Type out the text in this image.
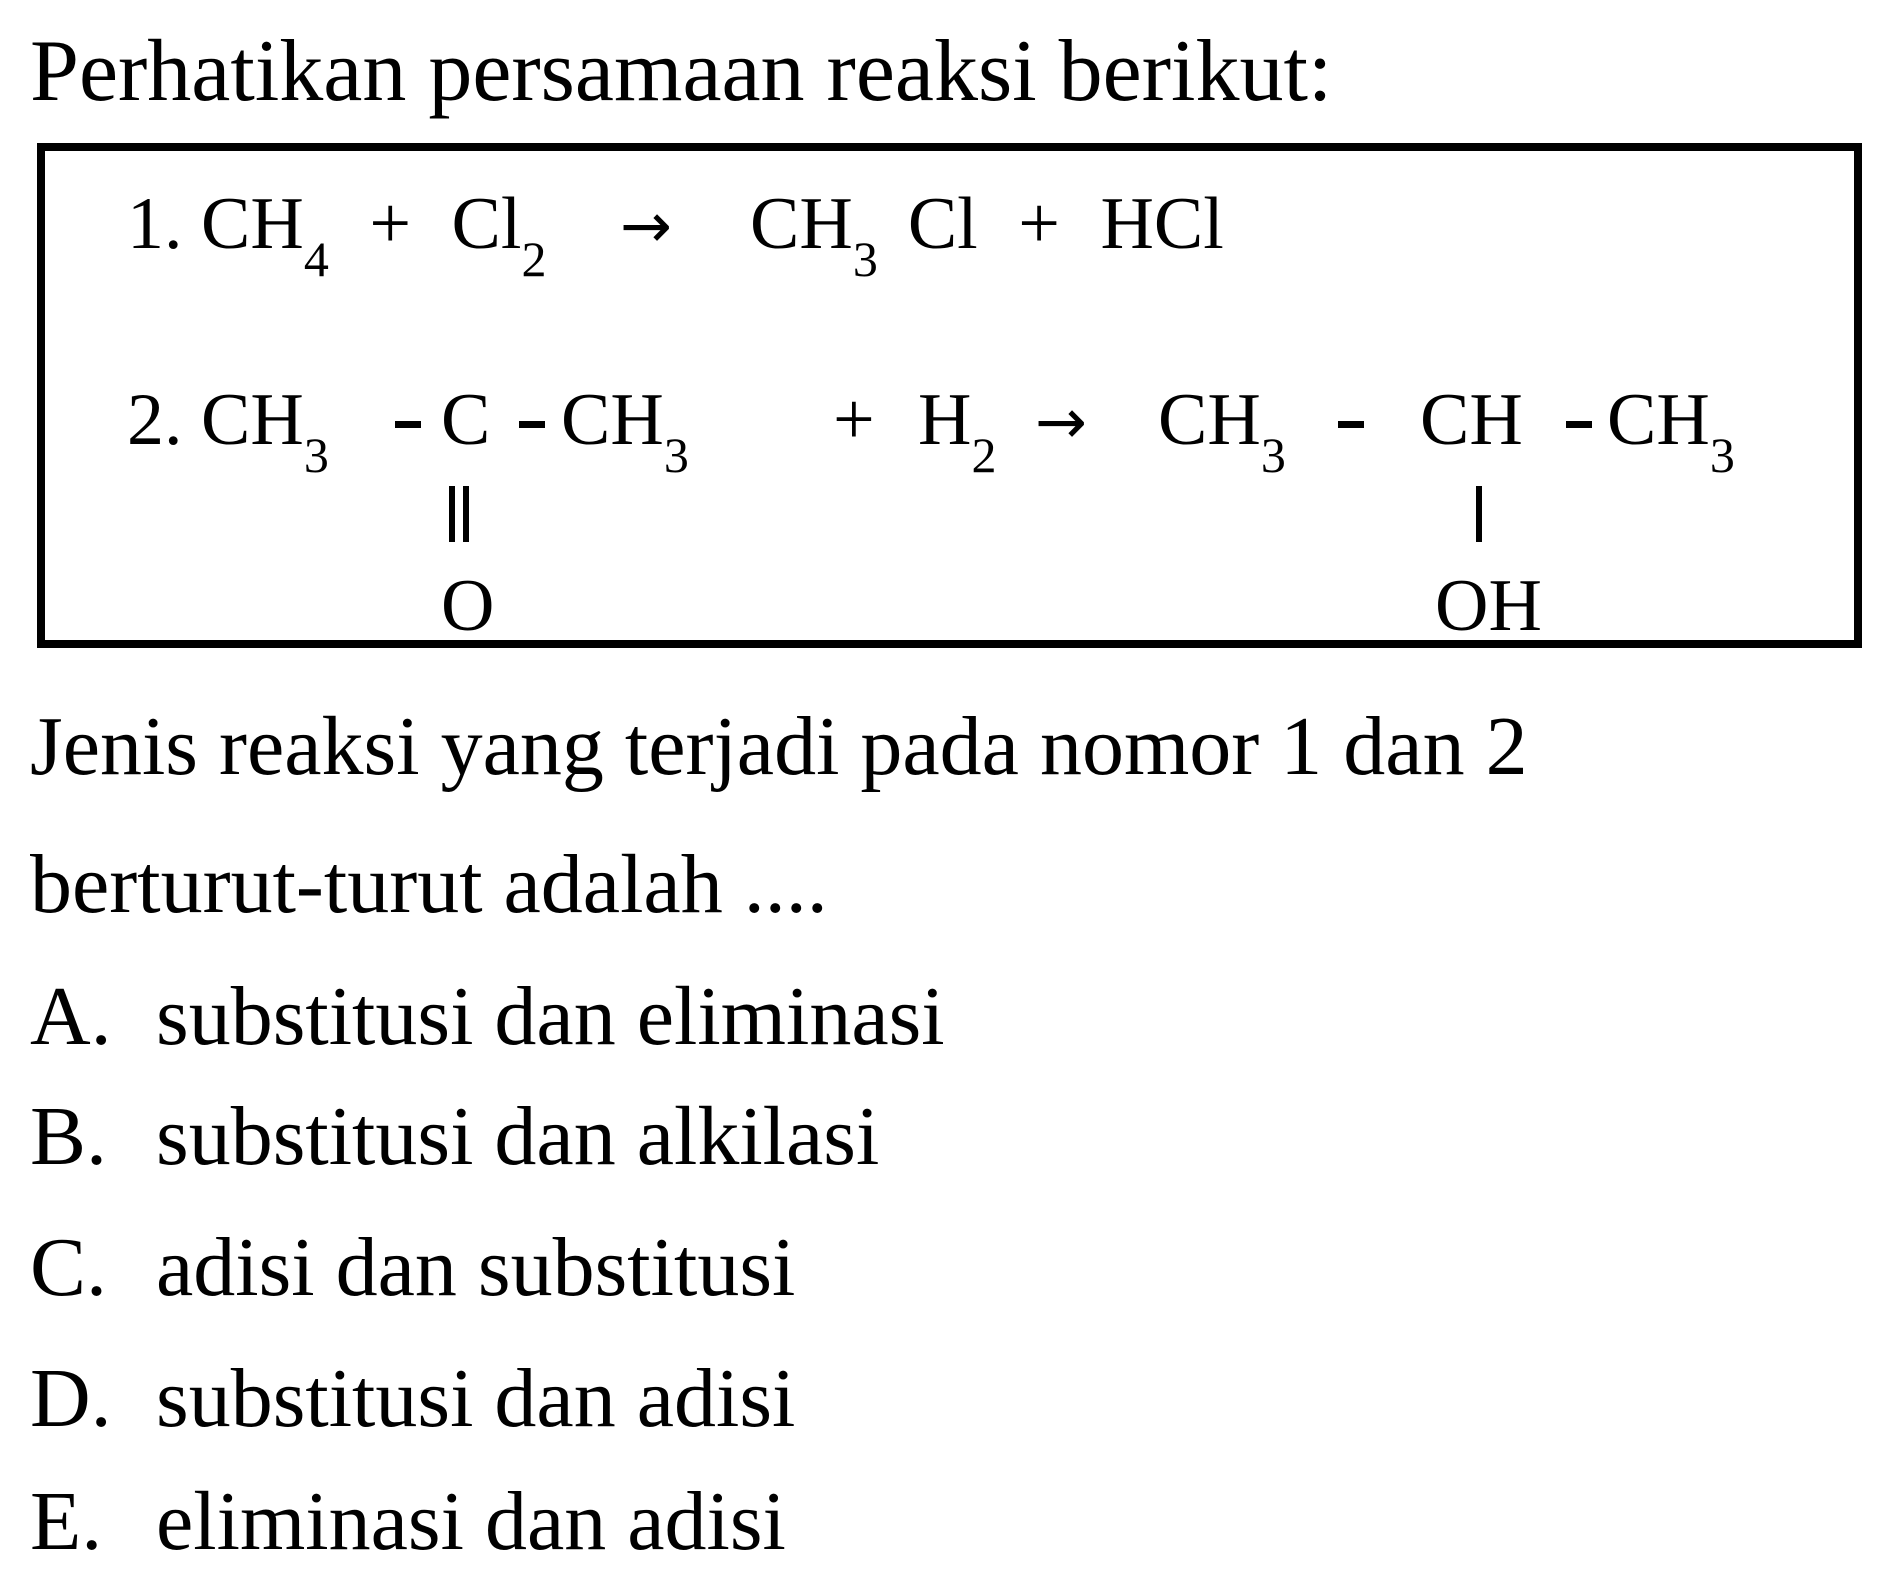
Perhatikan persamaan reaksi berikut:
1. $CH_4 + Cl_2 \to CH_3$ Cl + HCl
2. $CH_3$ C $CH_3 + H_2 \to CH_3$ CH $CH_3$
O	OH
Jenis reaksi yang terjadi pada nomor 1 dan 2
berturut-turut adalah ....
A. substitusi dan eliminasi
B. substitusi dan alkilasi
C. adisi dan substitusi
D. substitusi dan adisi
E. eliminasi dan adisi
